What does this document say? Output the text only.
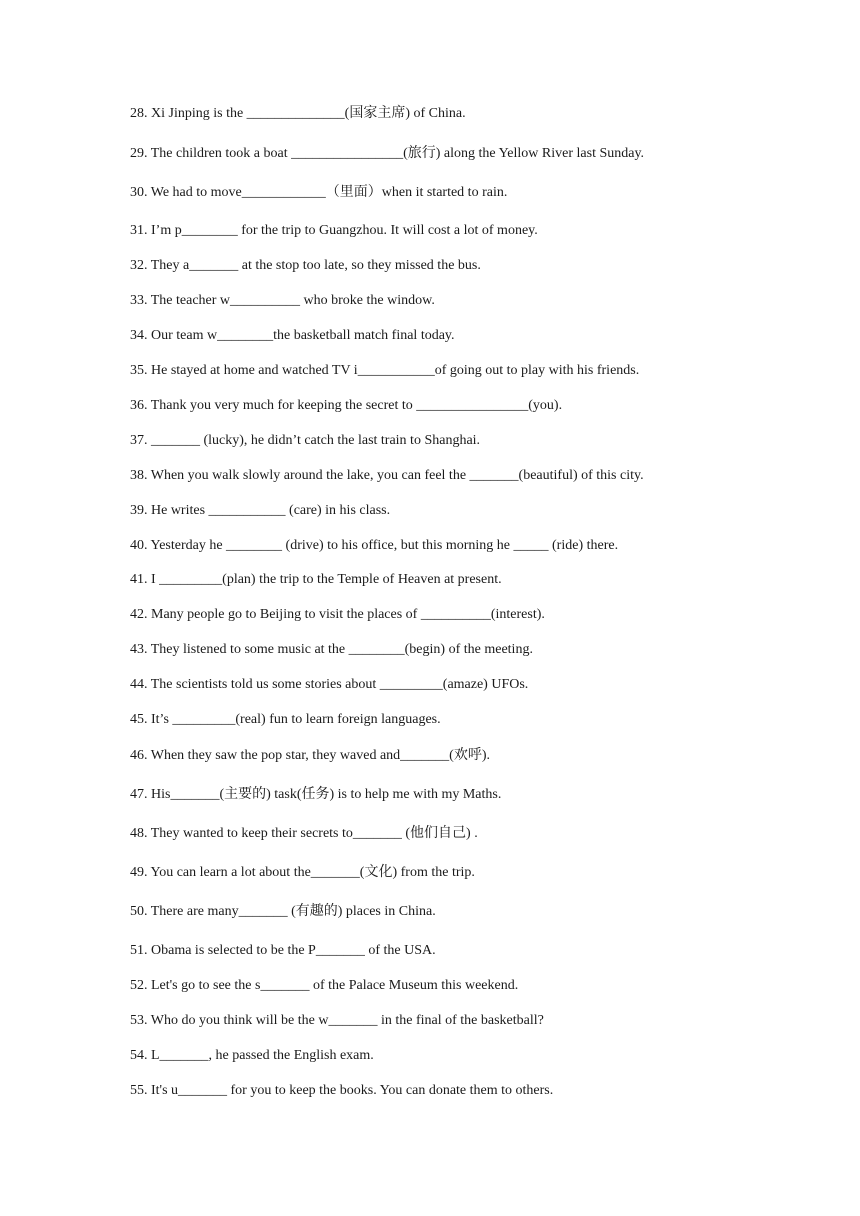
28. Xi Jinping is the ______________(国家主席) of China.
29. The children took a boat ________________(旅行) along the Yellow River last Sunday.
30. We had to move____________（里面）when it started to rain.
31. I’m p________ for the trip to Guangzhou. It will cost a lot of money.
32. They a_______ at the stop too late, so they missed the bus.
33. The teacher w__________ who broke the window.
34. Our team w________the basketball match final today.
35. He stayed at home and watched TV i___________of going out to play with his friends.
36. Thank you very much for keeping the secret to ________________(you).
37. _______ (lucky), he didn’t catch the last train to Shanghai.
38. When you walk slowly around the lake, you can feel the _______(beautiful) of this city.
39. He writes ___________ (care) in his class.
40. Yesterday he ________ (drive) to his office, but this morning he _____ (ride) there.
41. I _________(plan) the trip to the Temple of Heaven at present.
42. Many people go to Beijing to visit the places of __________(interest).
43. They listened to some music at the ________(begin) of the meeting.
44. The scientists told us some stories about _________(amaze) UFOs.
45. It’s _________(real) fun to learn foreign languages.
46. When they saw the pop star, they waved and_______(欢呼).
47. His_______(主要的) task(任务) is to help me with my Maths.
48. They wanted to keep their secrets to_______ (他们自己) .
49. You can learn a lot about the_______(文化) from the trip.
50. There are many_______ (有趣的) places in China.
51. Obama is selected to be the P_______ of the USA.
52. Let's go to see the s_______ of the Palace Museum this weekend.
53. Who do you think will be the w_______ in the final of the basketball?
54. L_______, he passed the English exam.
55. It's u_______ for you to keep the books. You can donate them to others.
